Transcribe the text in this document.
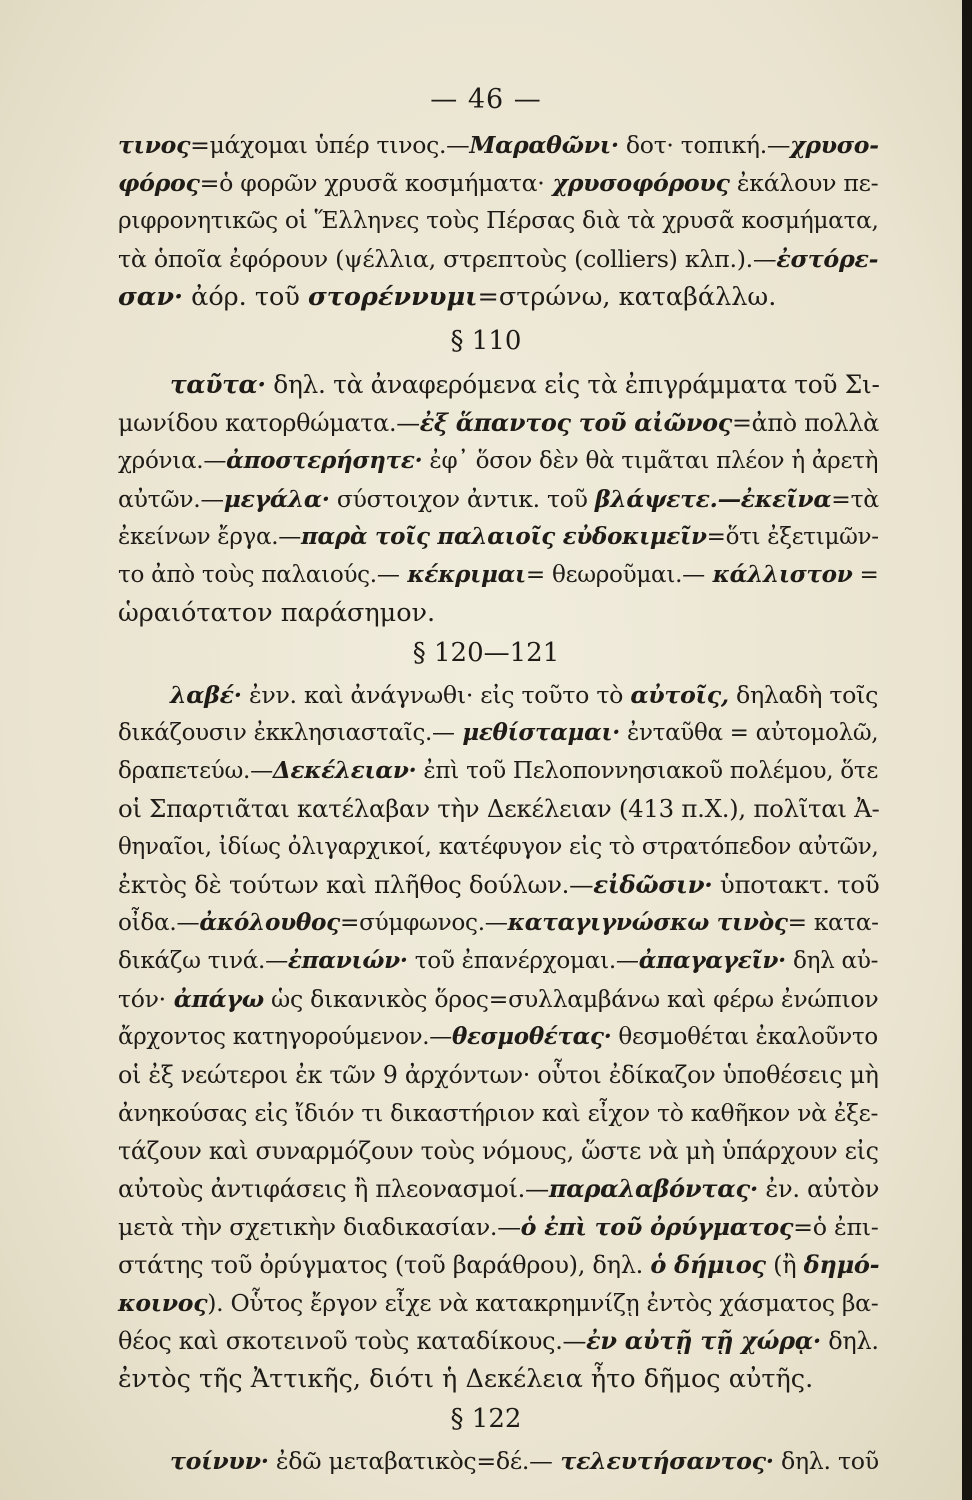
— 46 —
τινος=μάχομαι ὑπέρ τινος.—Μαραθῶνι· δοτ· τοπική.—χρυσο-
φόρος=ὁ φορῶν χρυσᾶ κοσμήματα· χρυσοφόρους ἐκάλουν πε-
ριφρονητικῶς οἱ Ἕλληνες τοὺς Πέρσας διὰ τὰ χρυσᾶ κοσμήματα,
τὰ ὁποῖα ἐφόρουν (ψέλλια, στρεπτοὺς (colliers) κλπ.).—ἐστόρε-
σαν· ἀόρ. τοῦ στορέννυμι=στρώνω, καταβάλλω.
§ 110
ταῦτα· δηλ. τὰ ἀναφερόμενα εἰς τὰ ἐπιγράμματα τοῦ Σι-
μωνίδου κατορθώματα.—ἐξ ἅπαντος τοῦ αἰῶνος=ἀπὸ πολλὰ
χρόνια.—ἀποστερήσητε· ἐφ᾽ ὅσον δὲν θὰ τιμᾶται πλέον ἡ ἀρετὴ
αὐτῶν.—μεγάλα· σύστοιχον ἀντικ. τοῦ βλάψετε.—ἐκεῖνα=τὰ
ἐκείνων ἔργα.—παρὰ τοῖς παλαιοῖς εὐδοκιμεῖν=ὅτι ἐξετιμῶν-
το ἀπὸ τοὺς παλαιούς.— κέκριμαι= θεωροῦμαι.— κάλλιστον =
ὡραιότατον παράσημον.
§ 120—121
λαβέ· ἐνν. καὶ ἀνάγνωθι· εἰς τοῦτο τὸ αὐτοῖς, δηλαδὴ τοῖς
δικάζουσιν ἐκκλησιασταῖς.— μεθίσταμαι· ἐνταῦθα = αὐτομολῶ,
δραπετεύω.—Δεκέλειαν· ἐπὶ τοῦ Πελοποννησιακοῦ πολέμου, ὅτε
οἱ Σπαρτιᾶται κατέλαβαν τὴν Δεκέλειαν (413 π.Χ.), πολῖται Ἀ-
θηναῖοι, ἰδίως ὀλιγαρχικοί, κατέφυγον εἰς τὸ στρατόπεδον αὐτῶν,
ἐκτὸς δὲ τούτων καὶ πλῆθος δούλων.—εἰδῶσιν· ὑποτακτ. τοῦ
οἶδα.—ἀκόλουθος=σύμφωνος.—καταγιγνώσκω τινὸς= κατα-
δικάζω τινά.—ἐπανιών· τοῦ ἐπανέρχομαι.—ἀπαγαγεῖν· δηλ αὐ-
τόν· ἀπάγω ὡς δικανικὸς ὅρος=συλλαμβάνω καὶ φέρω ἐνώπιον
ἄρχοντος κατηγορούμενον.—θεσμοθέτας· θεσμοθέται ἐκαλοῦντο
οἱ ἐξ νεώτεροι ἐκ τῶν 9 ἀρχόντων· οὗτοι ἐδίκαζον ὑποθέσεις μὴ
ἀνηκούσας εἰς ἴδιόν τι δικαστήριον καὶ εἶχον τὸ καθῆκον νὰ ἐξε-
τάζουν καὶ συναρμόζουν τοὺς νόμους, ὥστε νὰ μὴ ὑπάρχουν εἰς
αὐτοὺς ἀντιφάσεις ἢ πλεονασμοί.—παραλαβόντας· ἐν. αὐτὸν
μετὰ τὴν σχετικὴν διαδικασίαν.—ὁ ἐπὶ τοῦ ὀρύγματος=ὁ ἐπι-
στάτης τοῦ ὀρύγματος (τοῦ βαράθρου), δηλ. ὁ δήμιος (ἢ δημό-
κοινος). Οὗτος ἔργον εἶχε νὰ κατακρημνίζῃ ἐντὸς χάσματος βα-
θέος καὶ σκοτεινοῦ τοὺς καταδίκους.—ἐν αὐτῇ τῇ χώρᾳ· δηλ.
ἐντὸς τῆς Ἀττικῆς, διότι ἡ Δεκέλεια ἦτο δῆμος αὐτῆς.
§ 122
τοίνυν· ἐδῶ μεταβατικὸς=δέ.— τελευτήσαντος· δηλ. τοῦ
